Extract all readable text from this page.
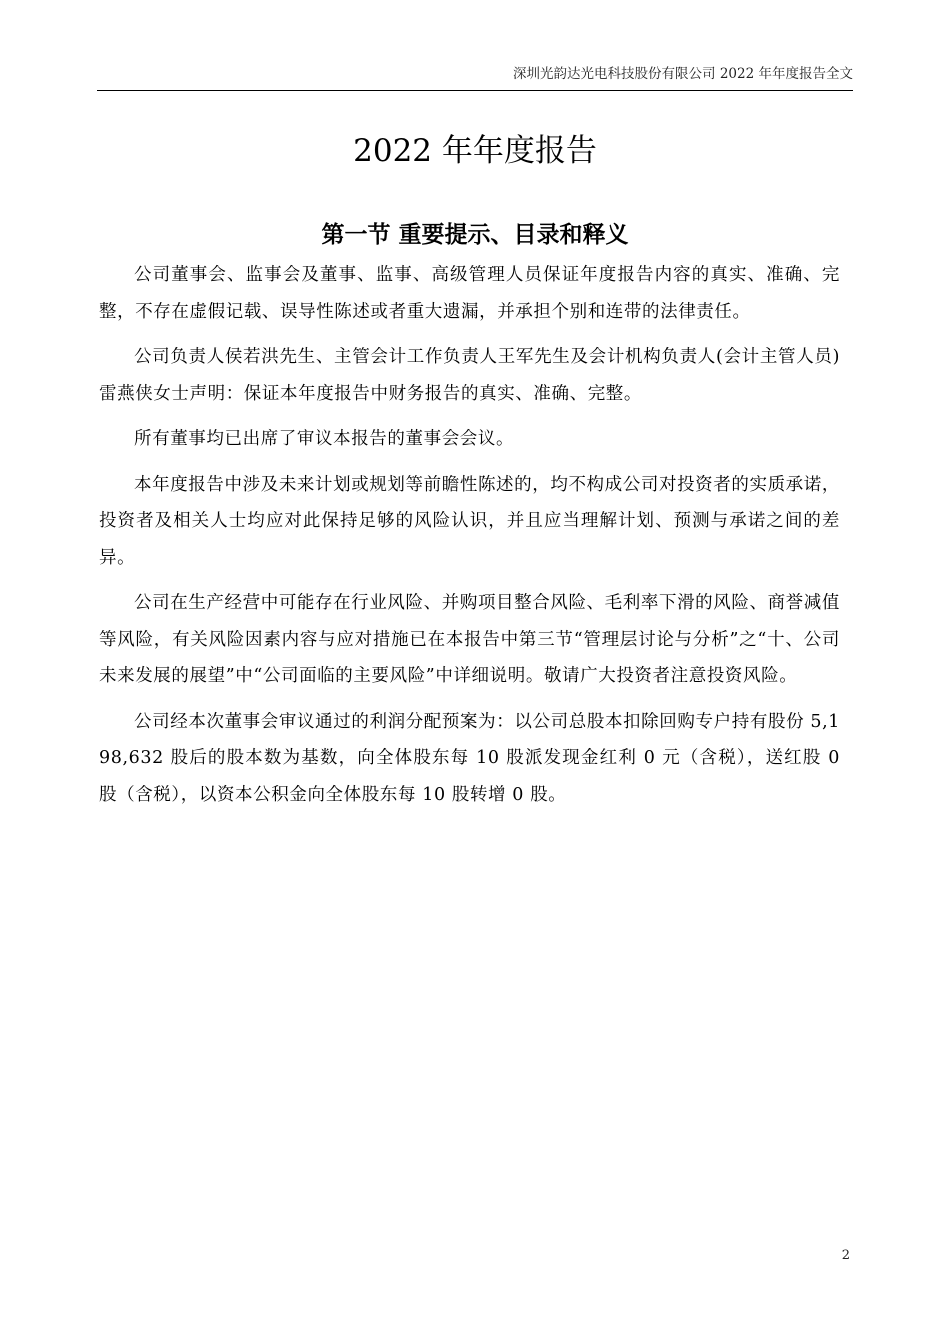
深圳光韵达光电科技股份有限公司 2022 年年度报告全文
2022 年年度报告
第一节 重要提示、目录和释义

公司董事会、监事会及董事、监事、高级管理人员保证年度报告内容的真实、准确、完整，不存在虚假记载、误导性陈述或者重大遗漏，并承担个别和连带的法律责任。

公司负责人侯若洪先生、主管会计工作负责人王军先生及会计机构负责人(会计主管人员)雷燕侠女士声明：保证本年度报告中财务报告的真实、准确、完整。

所有董事均已出席了审议本报告的董事会会议。

本年度报告中涉及未来计划或规划等前瞻性陈述的，均不构成公司对投资者的实质承诺，投资者及相关人士均应对此保持足够的风险认识，并且应当理解计划、预测与承诺之间的差异。

公司在生产经营中可能存在行业风险、并购项目整合风险、毛利率下滑的风险、商誉减值等风险，有关风险因素内容与应对措施已在本报告中第三节“管理层讨论与分析”之“十、公司未来发展的展望”中“公司面临的主要风险”中详细说明。敬请广大投资者注意投资风险。

公司经本次董事会审议通过的利润分配预案为：以公司总股本扣除回购专户持有股份 5,198,632 股后的股本数为基数，向全体股东每 10 股派发现金红利 0 元（含税），送红股 0 股（含税），以资本公积金向全体股东每 10 股转增 0 股。

2
